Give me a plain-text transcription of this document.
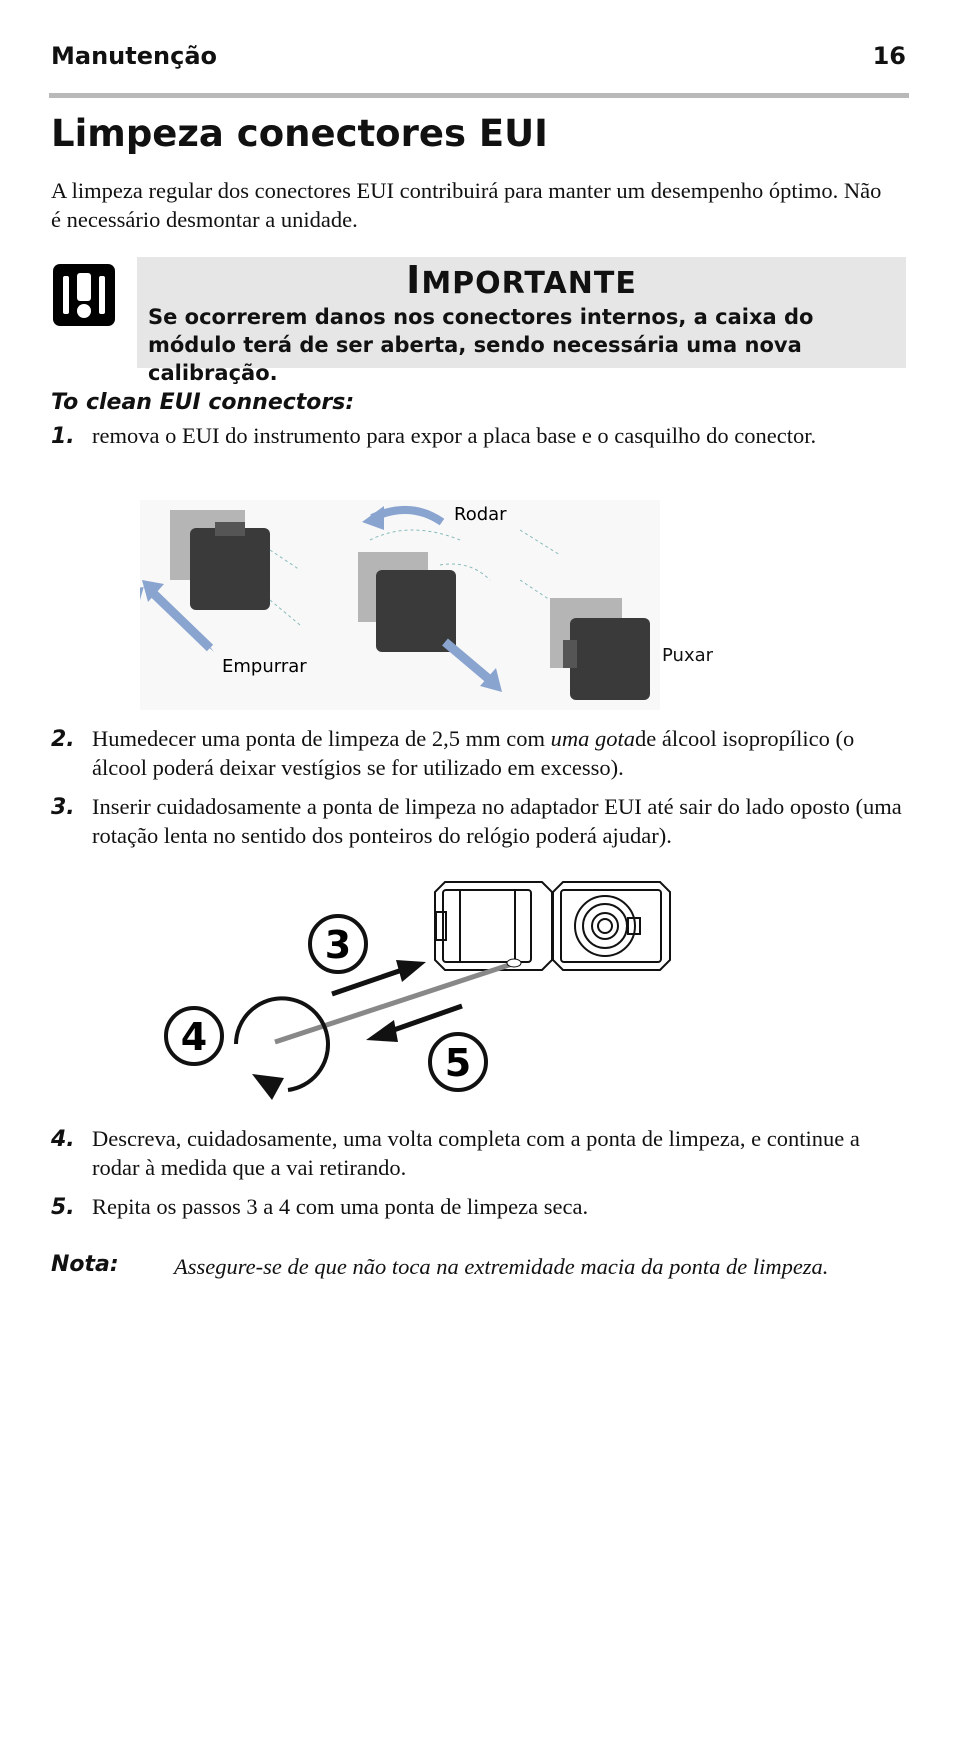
Manutenção	16
Limpeza conectores EUI

A limpeza regular dos conectores EUI contribuirá para manter um desempenho óptimo. Não é necessário desmontar a unidade.

IMPORTANTE
Se ocorrerem danos nos conectores internos, a caixa do módulo terá de ser aberta, sendo necessária uma nova calibração.
To clean EUI connectors:
1. remova o EUI do instrumento para expor a placa base e o casquilho do conector.
Rodar
Empurrar
Puxar
2. Humedecer uma ponta de limpeza de 2,5 mm com uma gotade álcool isopropílico (o álcool poderá deixar vestígios se for utilizado em excesso).
3. Inserir cuidadosamente a ponta de limpeza no adaptador EUI até sair do lado oposto (uma rotação lenta no sentido dos ponteiros do relógio poderá ajudar).
3
4
5
4. Descreva, cuidadosamente, uma volta completa com a ponta de limpeza, e continue a rodar à medida que a vai retirando.
5. Repita os passos 3 a 4 com uma ponta de limpeza seca.
Nota: Assegure-se de que não toca na extremidade macia da ponta de limpeza.
